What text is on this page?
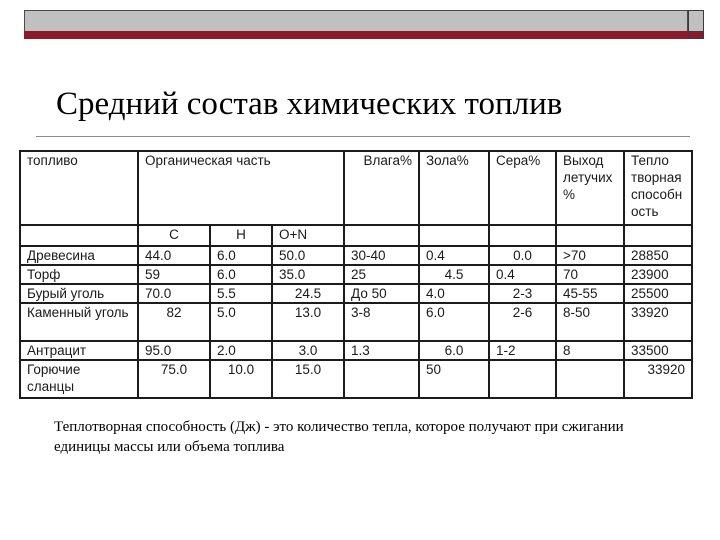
Средний состав химических топлив
топливо	Органическая часть			Влага%	Зола%	Сера%	Выход летучих %	Тепло творная способн ость
	C	H	O+N					
Древесина	44.0	6.0	50.0	30-40	0.4	0.0	>70	28850
Торф	59	6.0	35.0	25	4.5	0.4	70	23900
Бурый уголь	70.0	5.5	24.5	До 50	4.0	2-3	45-55	25500
Каменный уголь	82	5.0	13.0	3-8	6.0	2-6	8-50	33920
Антрацит	95.0	2.0	3.0	1.3	6.0	1-2	8	33500
Горючие сланцы	75.0	10.0	15.0		50			33920
Теплотворная способность (Дж) - это количество тепла, которое получают при сжигании единицы массы или объема топлива
